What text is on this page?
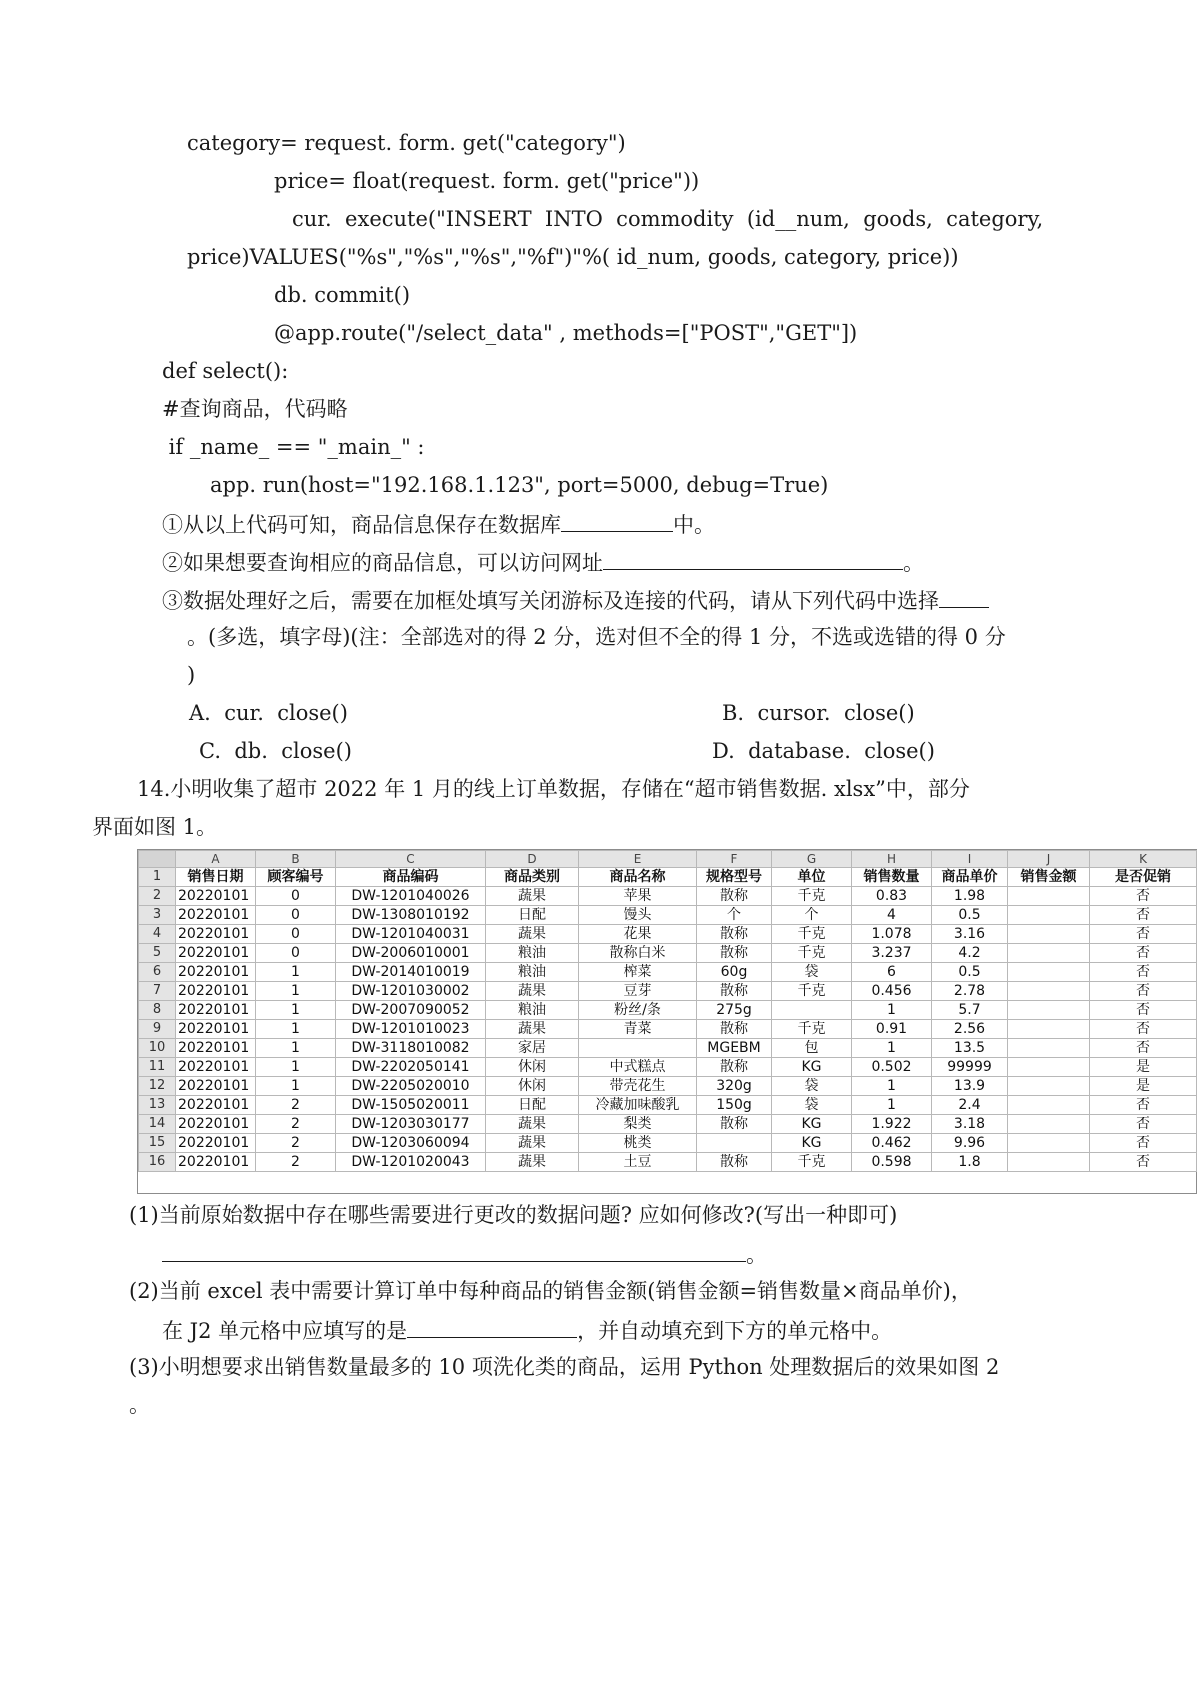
category= request. form. get("category")
price= float(request. form. get("price"))
cur.  execute("INSERT  INTO  commodity  (id__num,  goods,  category,
price)VALUES("%s","%s","%s","%f")"%( id_num, goods, category, price))
db. commit()
@app.route("/select_data" , methods=["POST","GET"])
def select():
#查询商品，代码略
if _name_ == "_main_" :
app. run(host="192.168.1.123", port=5000, debug=True)
①从以上代码可知，商品信息保存在数据库	中。
②如果想要查询相应的商品信息，可以访问网址	。
③数据处理好之后，需要在加框处填写关闭游标及连接的代码，请从下列代码中选择
。(多选，填字母)(注：全部选对的得 2 分，选对但不全的得 1 分，不选或选错的得 0 分
)
A.  cur.  close()	B.  cursor.  close()
C.  db.  close()	D.  database.  close()
14.小明收集了超市 2022 年 1 月的线上订单数据，存储在“超市销售数据. xlsx”中，部分
界面如图 1。
	A	B	C	D	E	F	G	H	I	J	K
1	销售日期	顾客编号	商品编码	商品类别	商品名称	规格型号	单位	销售数量	商品单价	销售金额	是否促销
2	20220101	0	DW-1201040026	蔬果	苹果	散称	千克	0.83	1.98		否
3	20220101	0	DW-1308010192	日配	馒头	个	个	4	0.5		否
4	20220101	0	DW-1201040031	蔬果	花果	散称	千克	1.078	3.16		否
5	20220101	0	DW-2006010001	粮油	散称白米	散称	千克	3.237	4.2		否
6	20220101	1	DW-2014010019	粮油	榨菜	60g	袋	6	0.5		否
7	20220101	1	DW-1201030002	蔬果	豆芽	散称	千克	0.456	2.78		否
8	20220101	1	DW-2007090052	粮油	粉丝/条	275g		1	5.7		否
9	20220101	1	DW-1201010023	蔬果	青菜	散称	千克	0.91	2.56		否
10	20220101	1	DW-3118010082	家居		MGEBM	包	1	13.5		否
11	20220101	1	DW-2202050141	休闲	中式糕点	散称	KG	0.502	99999		是
12	20220101	1	DW-2205020010	休闲	带壳花生	320g	袋	1	13.9		是
13	20220101	2	DW-1505020011	日配	冷藏加味酸乳	150g	袋	1	2.4		否
14	20220101	2	DW-1203030177	蔬果	梨类	散称	KG	1.922	3.18		否
15	20220101	2	DW-1203060094	蔬果	桃类		KG	0.462	9.96		否
16	20220101	2	DW-1201020043	蔬果	土豆	散称	千克	0.598	1.8		否
(1)当前原始数据中存在哪些需要进行更改的数据问题? 应如何修改?(写出一种即可)
。
(2)当前 excel 表中需要计算订单中每种商品的销售金额(销售金额=销售数量×商品单价)，
在 J2 单元格中应填写的是	，并自动填充到下方的单元格中。
(3)小明想要求出销售数量最多的 10 项洗化类的商品，运用 Python 处理数据后的效果如图 2
。
